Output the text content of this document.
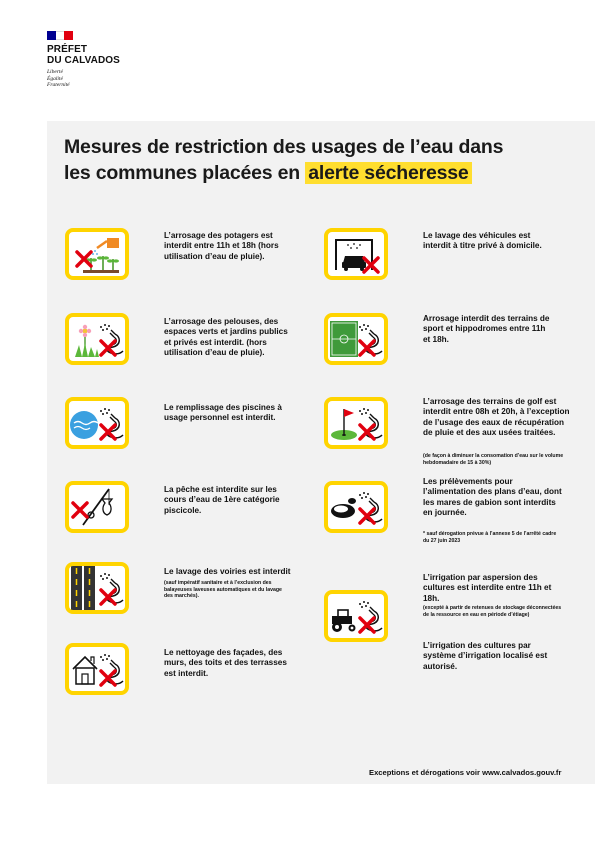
PRÉFET
DU CALVADOS
Liberté
Égalité
Fraternité
Mesures de restriction des usages de l’eau dans
les communes placées en alerte sécheresse
L’arrosage des potagers est interdit entre 11h et 18h (hors utilisation d’eau de pluie).
L’arrosage des pelouses, des espaces verts et jardins publics et privés est interdit. (hors utilisation d’eau de pluie).
Le remplissage des piscines à usage personnel est interdit.
La pêche est interdite sur les cours d’eau de 1ère catégorie piscicole.
Le lavage des voiries est interdit
(sauf impératif sanitaire et à l’exclusion des balayeuses laveuses automatiques et du lavage des marchés).
Le nettoyage des façades, des murs, des toits et des terrasses est interdit.
Le lavage des véhicules est interdit à titre privé à domicile.
Arrosage interdit des terrains de sport et hippodromes entre 11h et 18h.
L’arrosage des terrains de golf est interdit entre 08h et 20h, à l’exception de l’usage des eaux de récupération de pluie et des aux usées traitées.
(de façon à diminuer la consomation d’eau sur le volume hebdomadaire de 15 à 30%)
Les prélèvements pour l’alimentation des plans d’eau, dont les mares de gabion sont interdits en journée.
* sauf dérogation prévue à l’annexe 5 de l’arrêté cadre du 27 juin 2023
L’irrigation par aspersion des cultures est interdite entre 11h et 18h.
(excepté à partir de retenues de stockage déconnectées de la ressource en eau en période d’étiage)
L’irrigation des cultures par système d’irrigation localisé est autorisé.
Exceptions et dérogations voir www.calvados.gouv.fr
